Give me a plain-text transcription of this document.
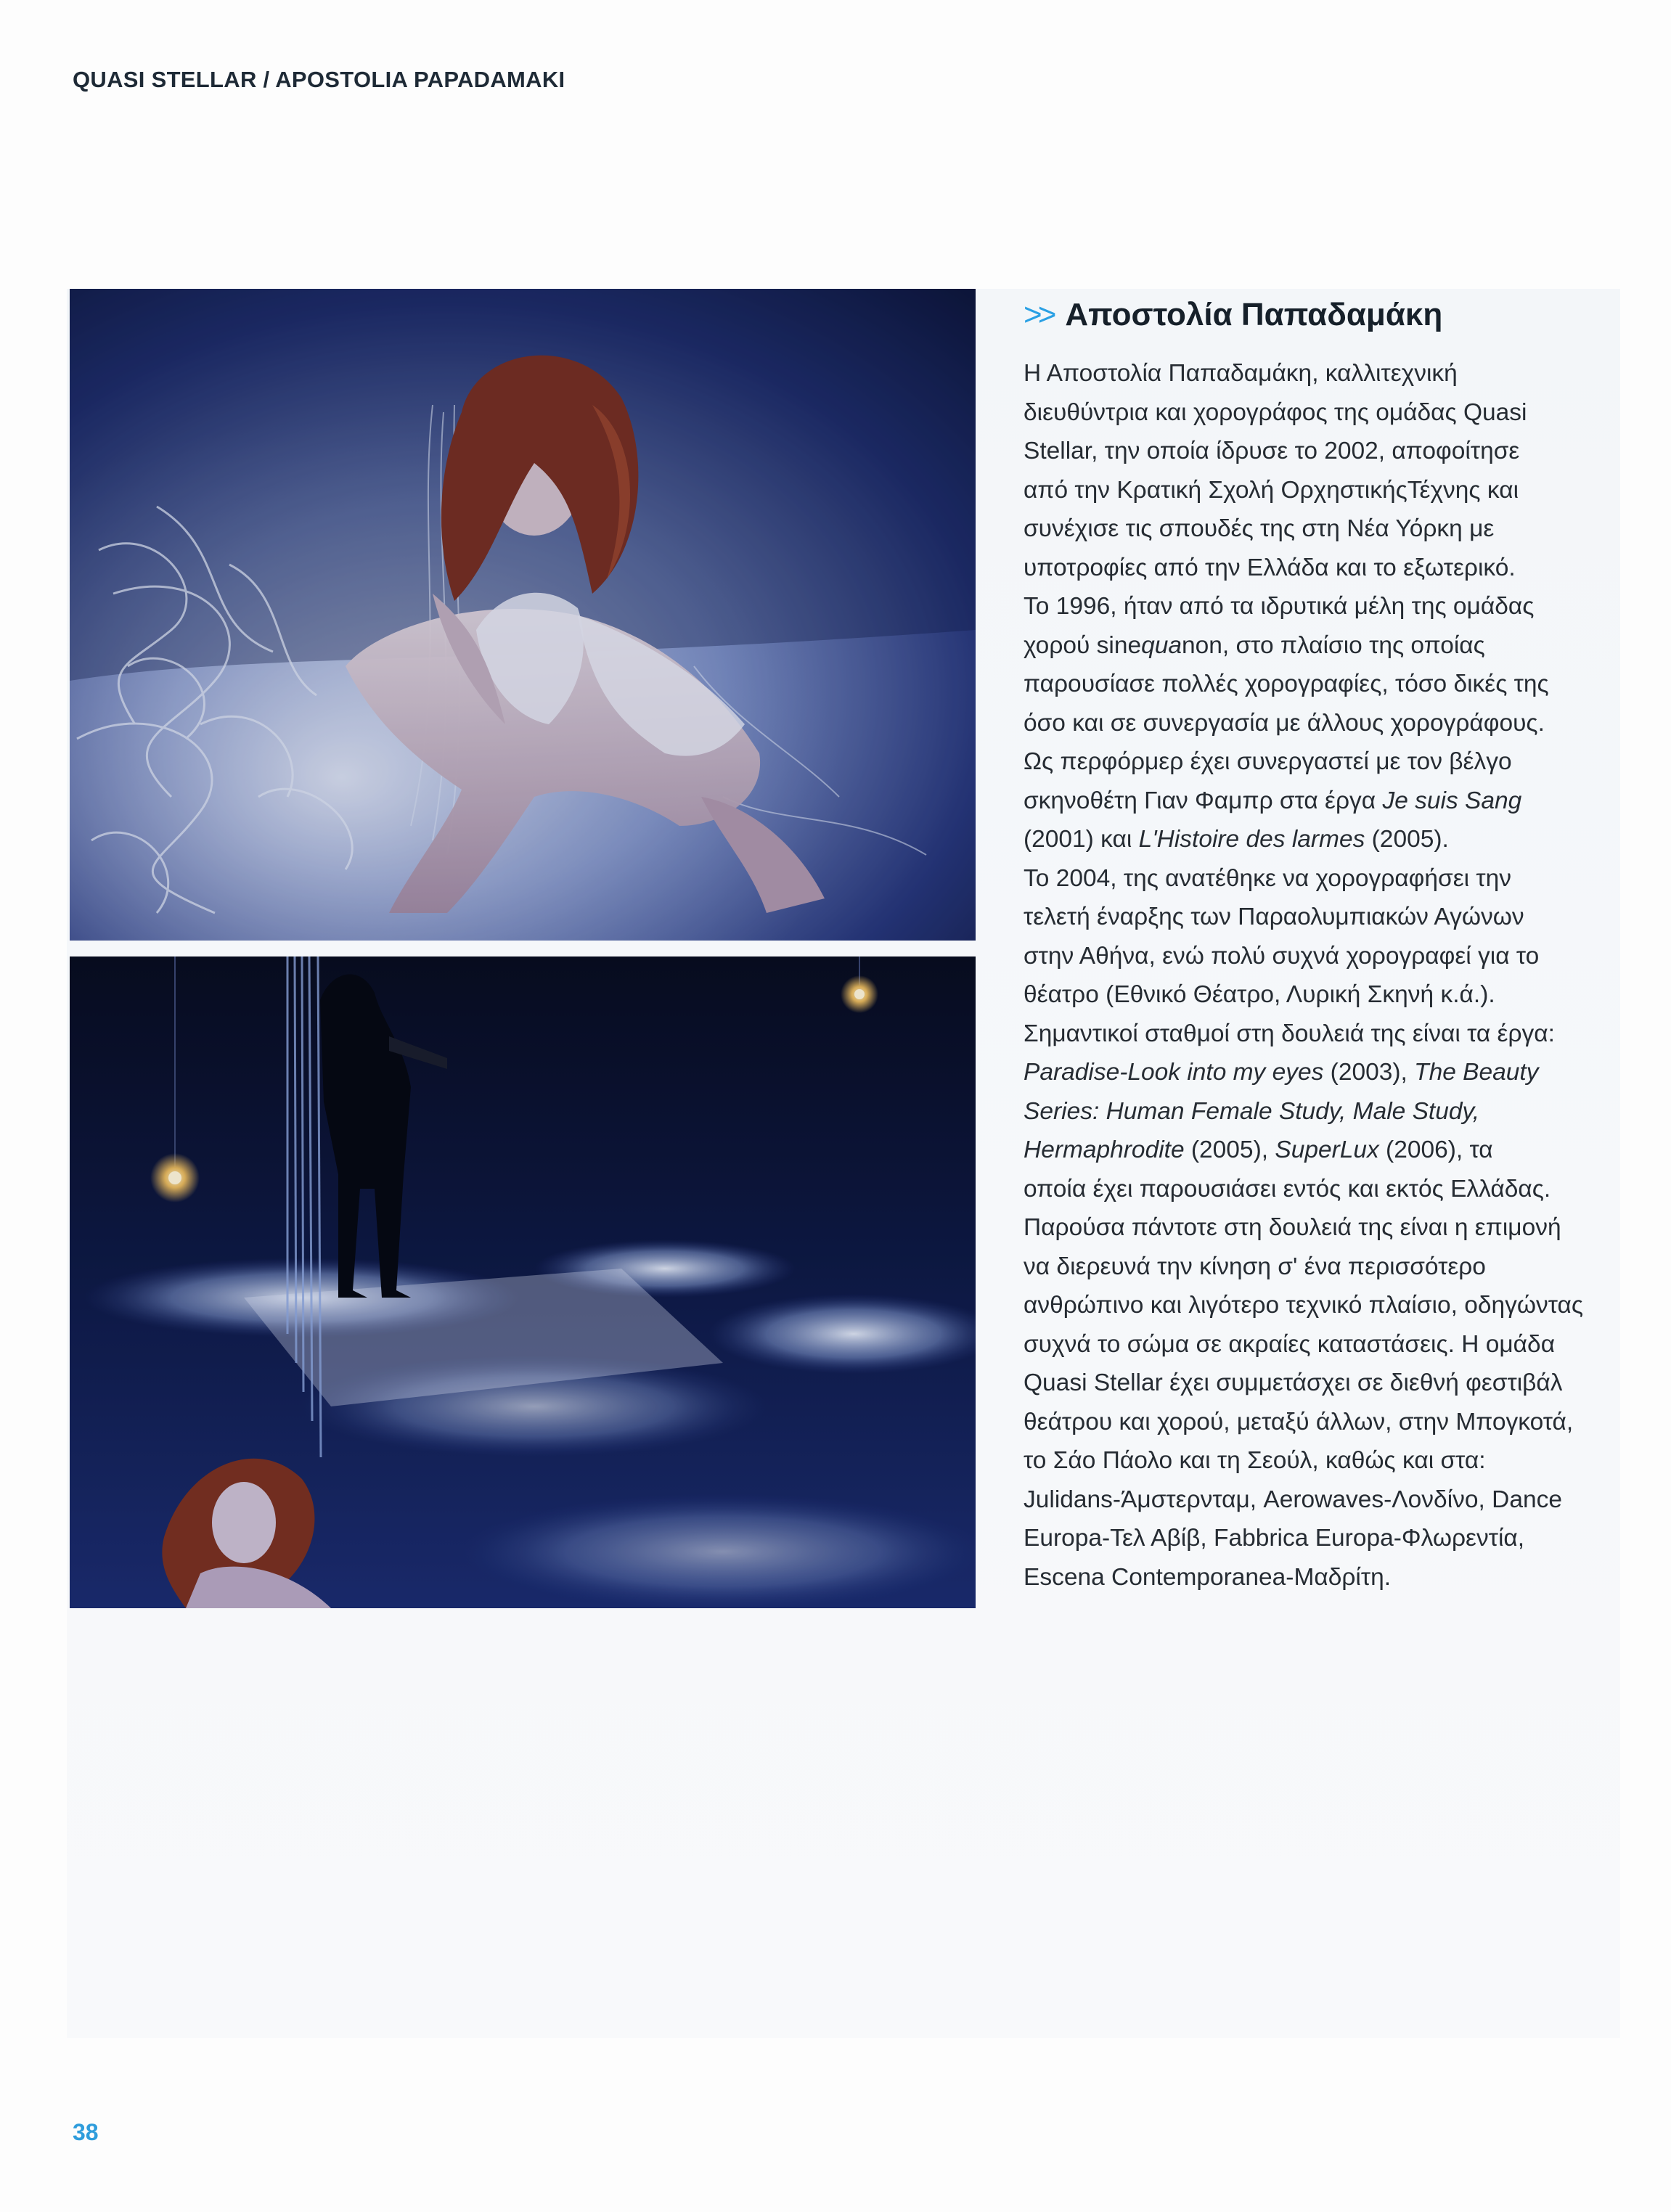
QUASI STELLAR / APOSTOLIA PAPADAMAKI
>> Αποστολία Παπαδαμάκη
Η Αποστολία Παπαδαμάκη, καλλιτεχνική
διευθύντρια και χορογράφος της ομάδας Quasi
Stellar, την οποία ίδρυσε το 2002, αποφοίτησε
από την Κρατική Σχολή ΟρχηστικήςΤέχνης και
συνέχισε τις σπουδές της στη Νέα Υόρκη με
υποτροφίες από την Ελλάδα και το εξωτερικό.
Το 1996, ήταν από τα ιδρυτικά μέλη της ομάδας
χορού sinequanon, στο πλαίσιο της οποίας
παρουσίασε πολλές χορογραφίες, τόσο δικές της
όσο και σε συνεργασία με άλλους χορογράφους.
Ως περφόρμερ έχει συνεργαστεί με τον βέλγο
σκηνοθέτη Γιαν Φαμπρ στα έργα Je suis Sang
(2001) και L'Histoire des larmes (2005).
Το 2004, της ανατέθηκε να χορογραφήσει την
τελετή έναρξης των Παραολυμπιακών Αγώνων
στην Αθήνα, ενώ πολύ συχνά χορογραφεί για το
θέατρο (Εθνικό Θέατρο, Λυρική Σκηνή κ.ά.).
Σημαντικοί σταθμοί στη δουλειά της είναι τα έργα:
Paradise-Look into my eyes (2003), The Beauty
Series: Human Female Study, Male Study,
Hermaphrodite (2005), SuperLux (2006), τα
οποία έχει παρουσιάσει εντός και εκτός Ελλάδας.
Παρούσα πάντοτε στη δουλειά της είναι η επιμονή
να διερευνά την κίνηση σ' ένα περισσότερο
ανθρώπινο και λιγότερο τεχνικό πλαίσιο, οδηγώντας
συχνά το σώμα σε ακραίες καταστάσεις. Η ομάδα
Quasi Stellar έχει συμμετάσχει σε διεθνή φεστιβάλ
θεάτρου και χορού, μεταξύ άλλων, στην Μπογκοτά,
το Σάο Πάολο και τη Σεούλ, καθώς και στα:
Julidans-Άμστερνταμ, Aerowaves-Λονδίνο, Dance
Europa-Τελ Αβίβ, Fabbrica Europa-Φλωρεντία,
Escena Contemporanea-Μαδρίτη.
38
